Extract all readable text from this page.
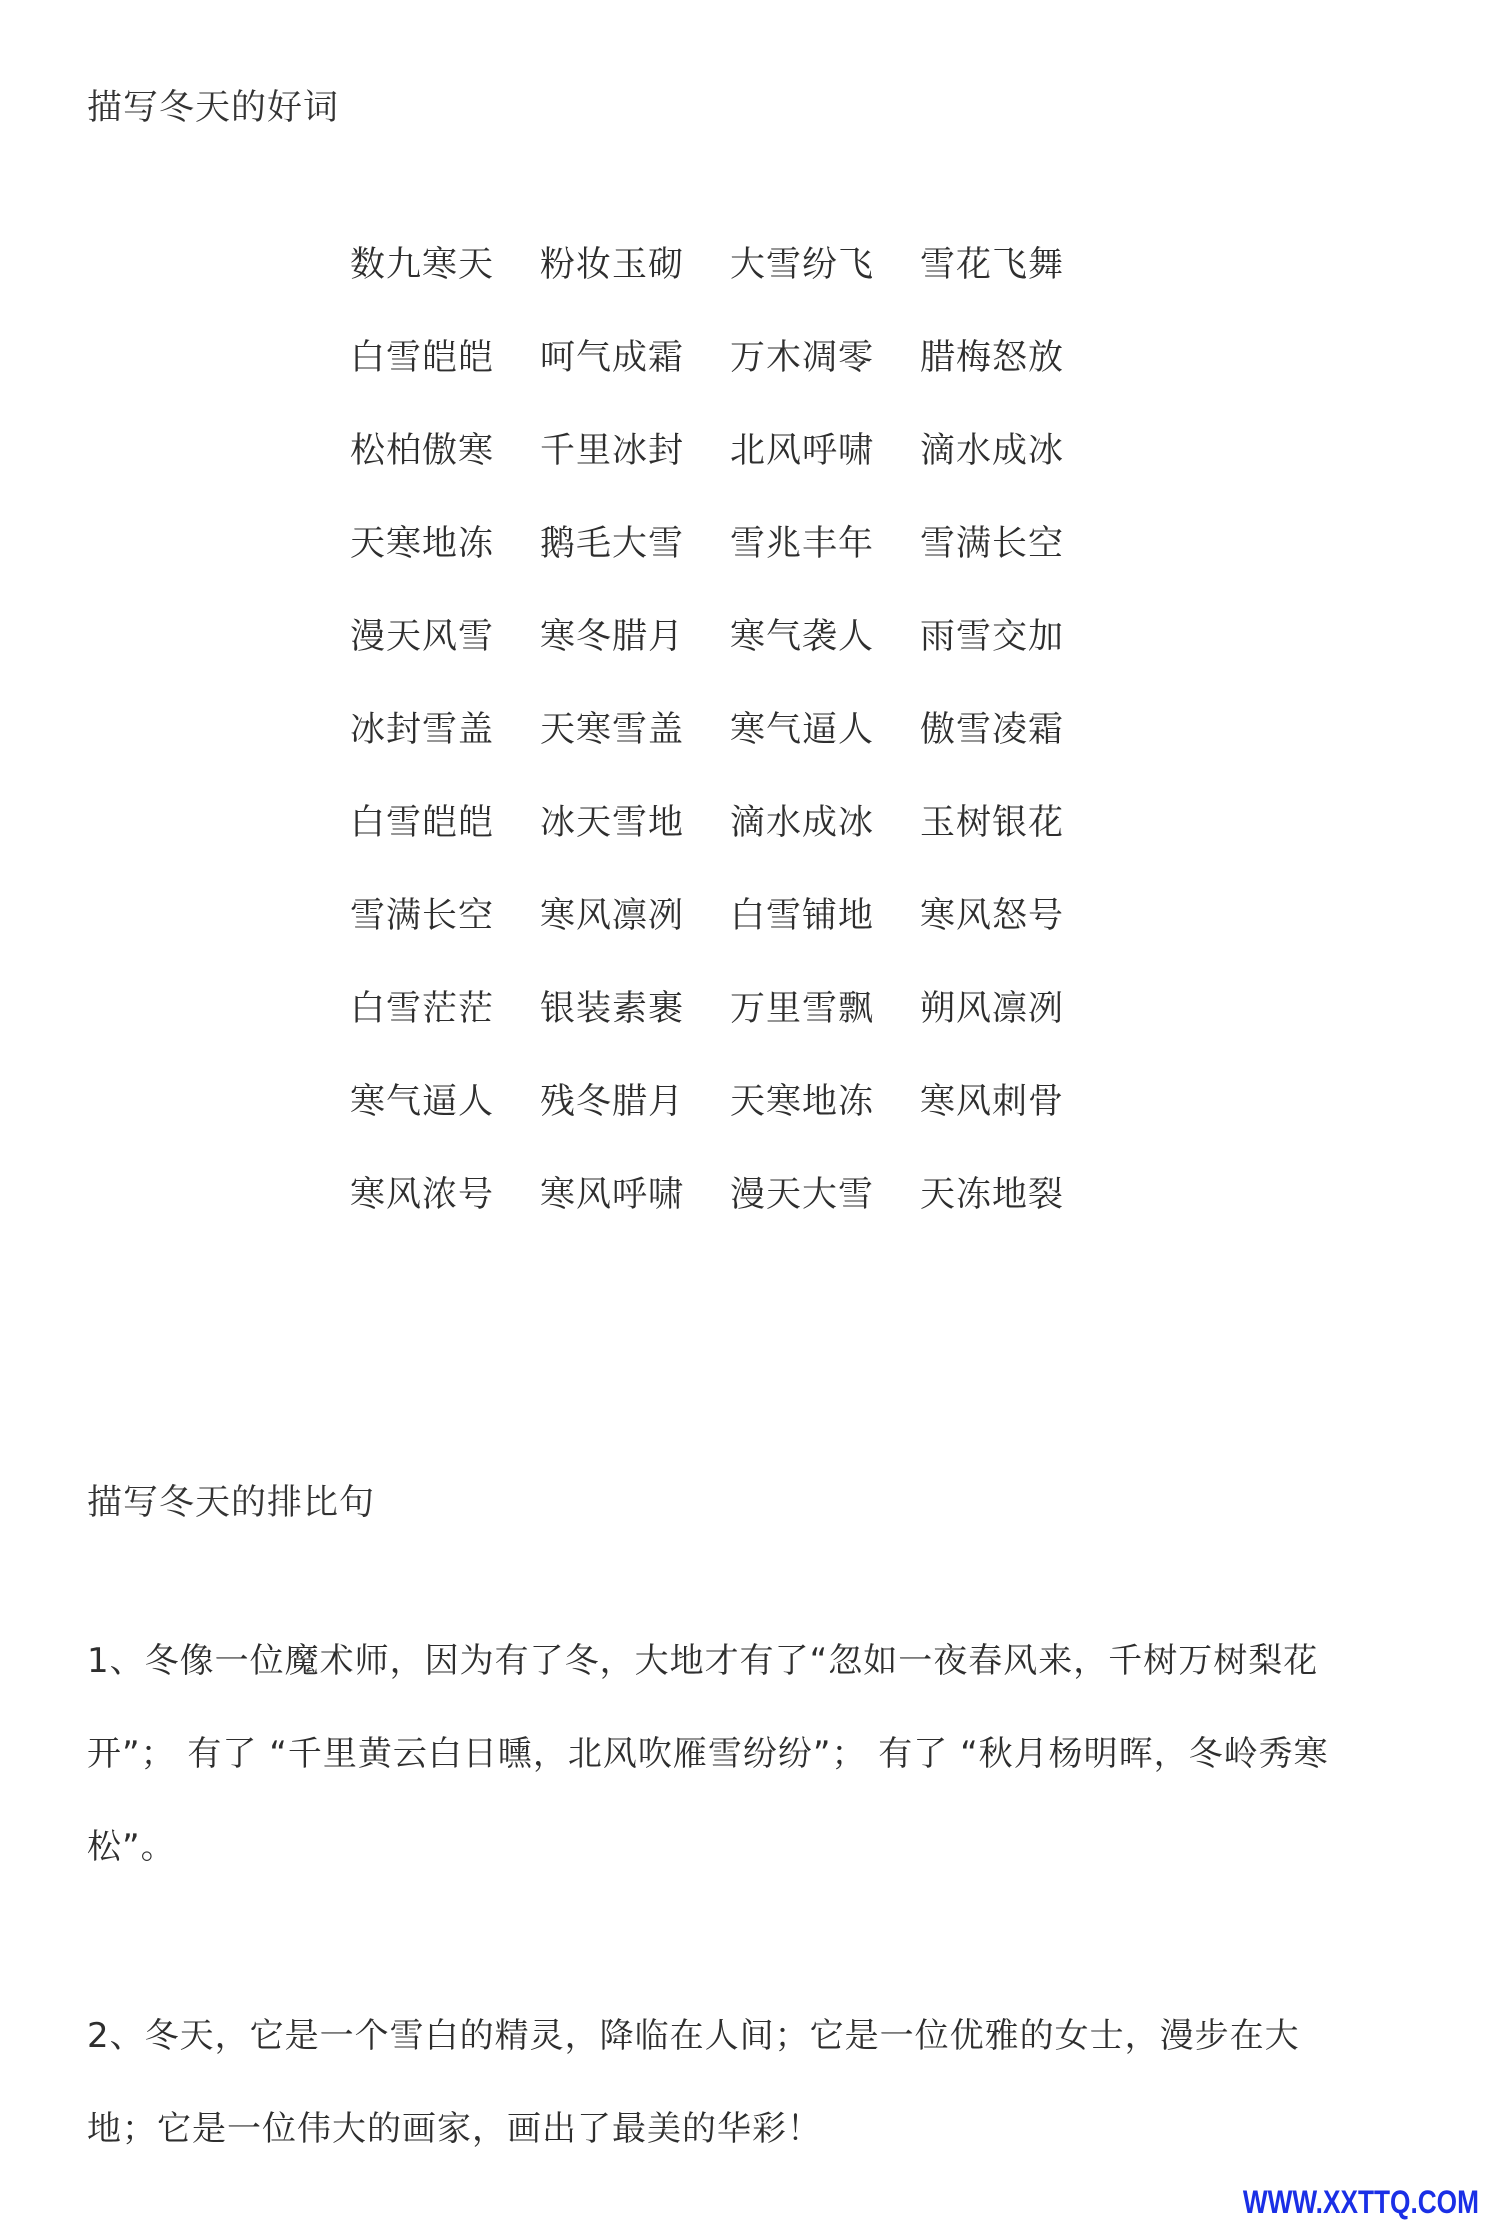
描写冬天的好词
数九寒天	粉妆玉砌	大雪纷飞	雪花飞舞
白雪皑皑	呵气成霜	万木凋零	腊梅怒放
松柏傲寒	千里冰封	北风呼啸	滴水成冰
天寒地冻	鹅毛大雪	雪兆丰年	雪满长空
漫天风雪	寒冬腊月	寒气袭人	雨雪交加
冰封雪盖	天寒雪盖	寒气逼人	傲雪凌霜
白雪皑皑	冰天雪地	滴水成冰	玉树银花
雪满长空	寒风凛冽	白雪铺地	寒风怒号
白雪茫茫	银装素裹	万里雪飘	朔风凛冽
寒气逼人	残冬腊月	天寒地冻	寒风刺骨
寒风浓号	寒风呼啸	漫天大雪	天冻地裂
描写冬天的排比句

1、冬像一位魔术师，因为有了冬，大地才有了“忽如一夜春风来，千树万树梨花开”； 有了 “千里黄云白日曛，北风吹雁雪纷纷”； 有了 “秋月杨明晖，冬岭秀寒松”。

2、冬天，它是一个雪白的精灵，降临在人间；它是一位优雅的女士，漫步在大地；它是一位伟大的画家，画出了最美的华彩！

WWW.XXTTQ.COM
